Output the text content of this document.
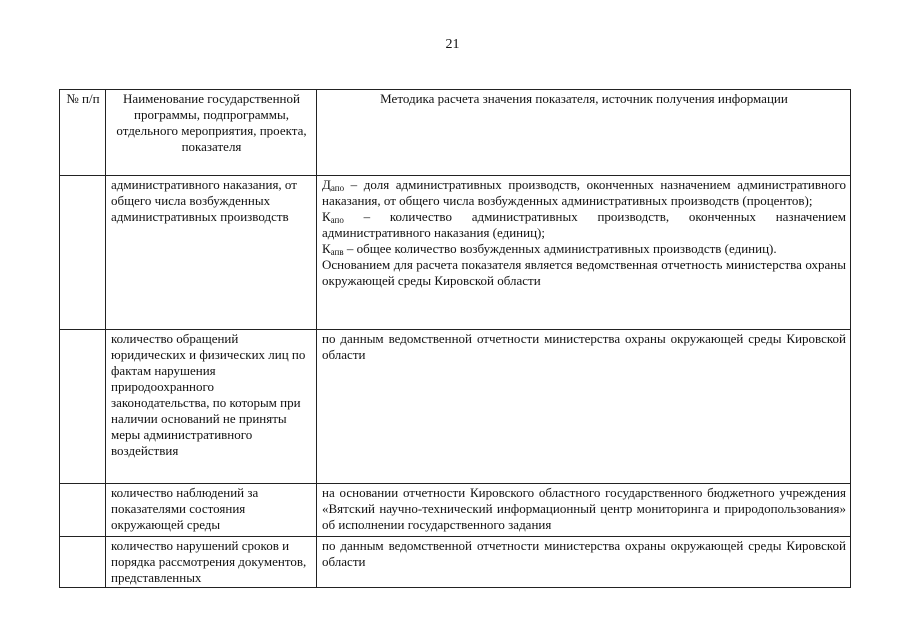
21
№ п/п	Наименование государственной программы, подпрограммы, отдельного мероприятия, проекта, показателя	Методика расчета значения показателя, источник получения информации
	административного наказания, от общего числа возбужденных административных производств	$Д_{апо}$ – доля административных производств, оконченных назначением административного наказания, от общего числа возбужденных административных производств (процентов);
$К_{апо}$ – количество административных производств, оконченных назначением административного наказания (единиц);
$К_{апв}$ – общее количество возбужденных административных производств (единиц).
Основанием для расчета показателя является ведомственная отчетность министерства охраны окружающей среды Кировской области

	количество обращений юридических и физических лиц по фактам нарушения природоохранного законодательства, по которым при наличии оснований не приняты меры административного воздействия	по данным ведомственной отчетности министерства охраны окружающей среды Кировской области
	количество наблюдений за показателями состояния окружающей среды	на основании отчетности Кировского областного государственного бюджетного учреждения «Вятский научно-технический информационный центр мониторинга и природопользования» об исполнении государственного задания
	количество нарушений сроков и порядка рассмотрения документов, представленных	по данным ведомственной отчетности министерства охраны окружающей среды Кировской области
